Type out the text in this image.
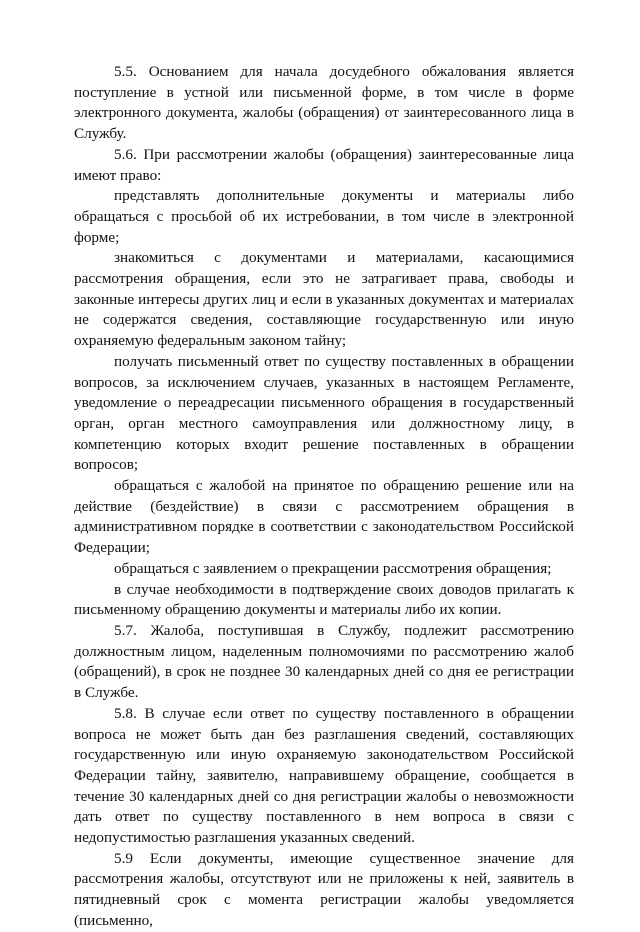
5.5. Основанием для начала досудебного обжалования является поступление в устной или письменной форме, в том числе в форме электронного документа, жалобы (обращения) от заинтересованного лица в Службу.

5.6. При рассмотрении жалобы (обращения) заинтересованные лица имеют право:

представлять дополнительные документы и материалы либо обращаться с просьбой об их истребовании, в том числе в электронной форме;

знакомиться с документами и материалами, касающимися рассмотрения обращения, если это не затрагивает права, свободы и законные интересы других лиц и если в указанных документах и материалах не содержатся сведения, составляющие государственную или иную охраняемую федеральным законом тайну;

получать письменный ответ по существу поставленных в обращении вопросов, за исключением случаев, указанных в настоящем Регламенте, уведомление о переадресации письменного обращения в государственный орган, орган местного самоуправления или должностному лицу, в компетенцию которых входит решение поставленных в обращении вопросов;

обращаться с жалобой на принятое по обращению решение или на действие (бездействие) в связи с рассмотрением обращения в административном порядке в соответствии с законодательством Российской Федерации;

обращаться с заявлением о прекращении рассмотрения обращения;

в случае необходимости в подтверждение своих доводов прилагать к письменному обращению документы и материалы либо их копии.

5.7. Жалоба, поступившая в Службу, подлежит рассмотрению должностным лицом, наделенным полномочиями по рассмотрению жалоб (обращений), в срок не позднее 30 календарных дней со дня ее регистрации в Службе.

5.8. В случае если ответ по существу поставленного в обращении вопроса не может быть дан без разглашения сведений, составляющих государственную или иную охраняемую законодательством Российской Федерации тайну, заявителю, направившему обращение, сообщается в течение 30 календарных дней со дня регистрации жалобы о невозможности дать ответ по существу поставленного в нем вопроса в связи с недопустимостью разглашения указанных сведений.

5.9 Если документы, имеющие существенное значение для рассмотрения жалобы, отсутствуют или не приложены к ней, заявитель в пятидневный срок с момента регистрации жалобы уведомляется (письменно,
